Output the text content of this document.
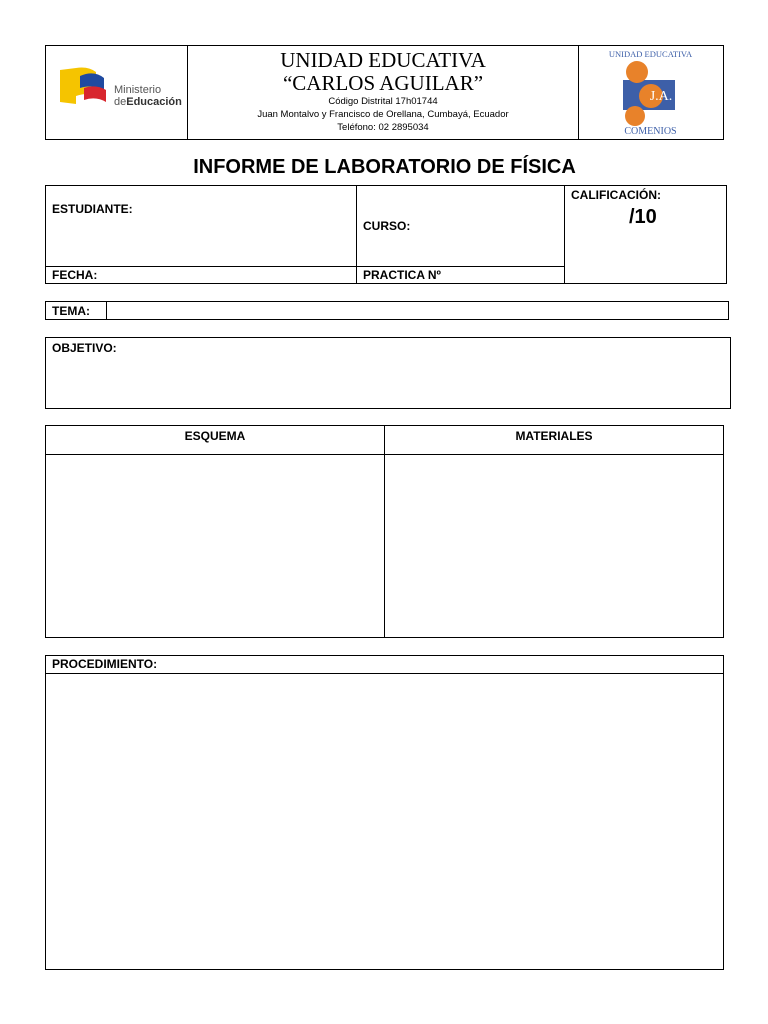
Ministerio
deEducación
UNIDAD EDUCATIVA
“CARLOS AGUILAR”
Código Distrital 17h01744
Juan Montalvo y Francisco de Orellana, Cumbayá, Ecuador
Teléfono: 02 2895034
UNIDAD EDUCATIVA
J.A.
COMENIOS
INFORME DE LABORATORIO DE FÍSICA
ESTUDIANTE:
CURSO:
CALIFICACIÓN:
/10
FECHA:	PRACTICA Nº
TEMA:
OBJETIVO:
ESQUEMA	MATERIALES
PROCEDIMIENTO:
